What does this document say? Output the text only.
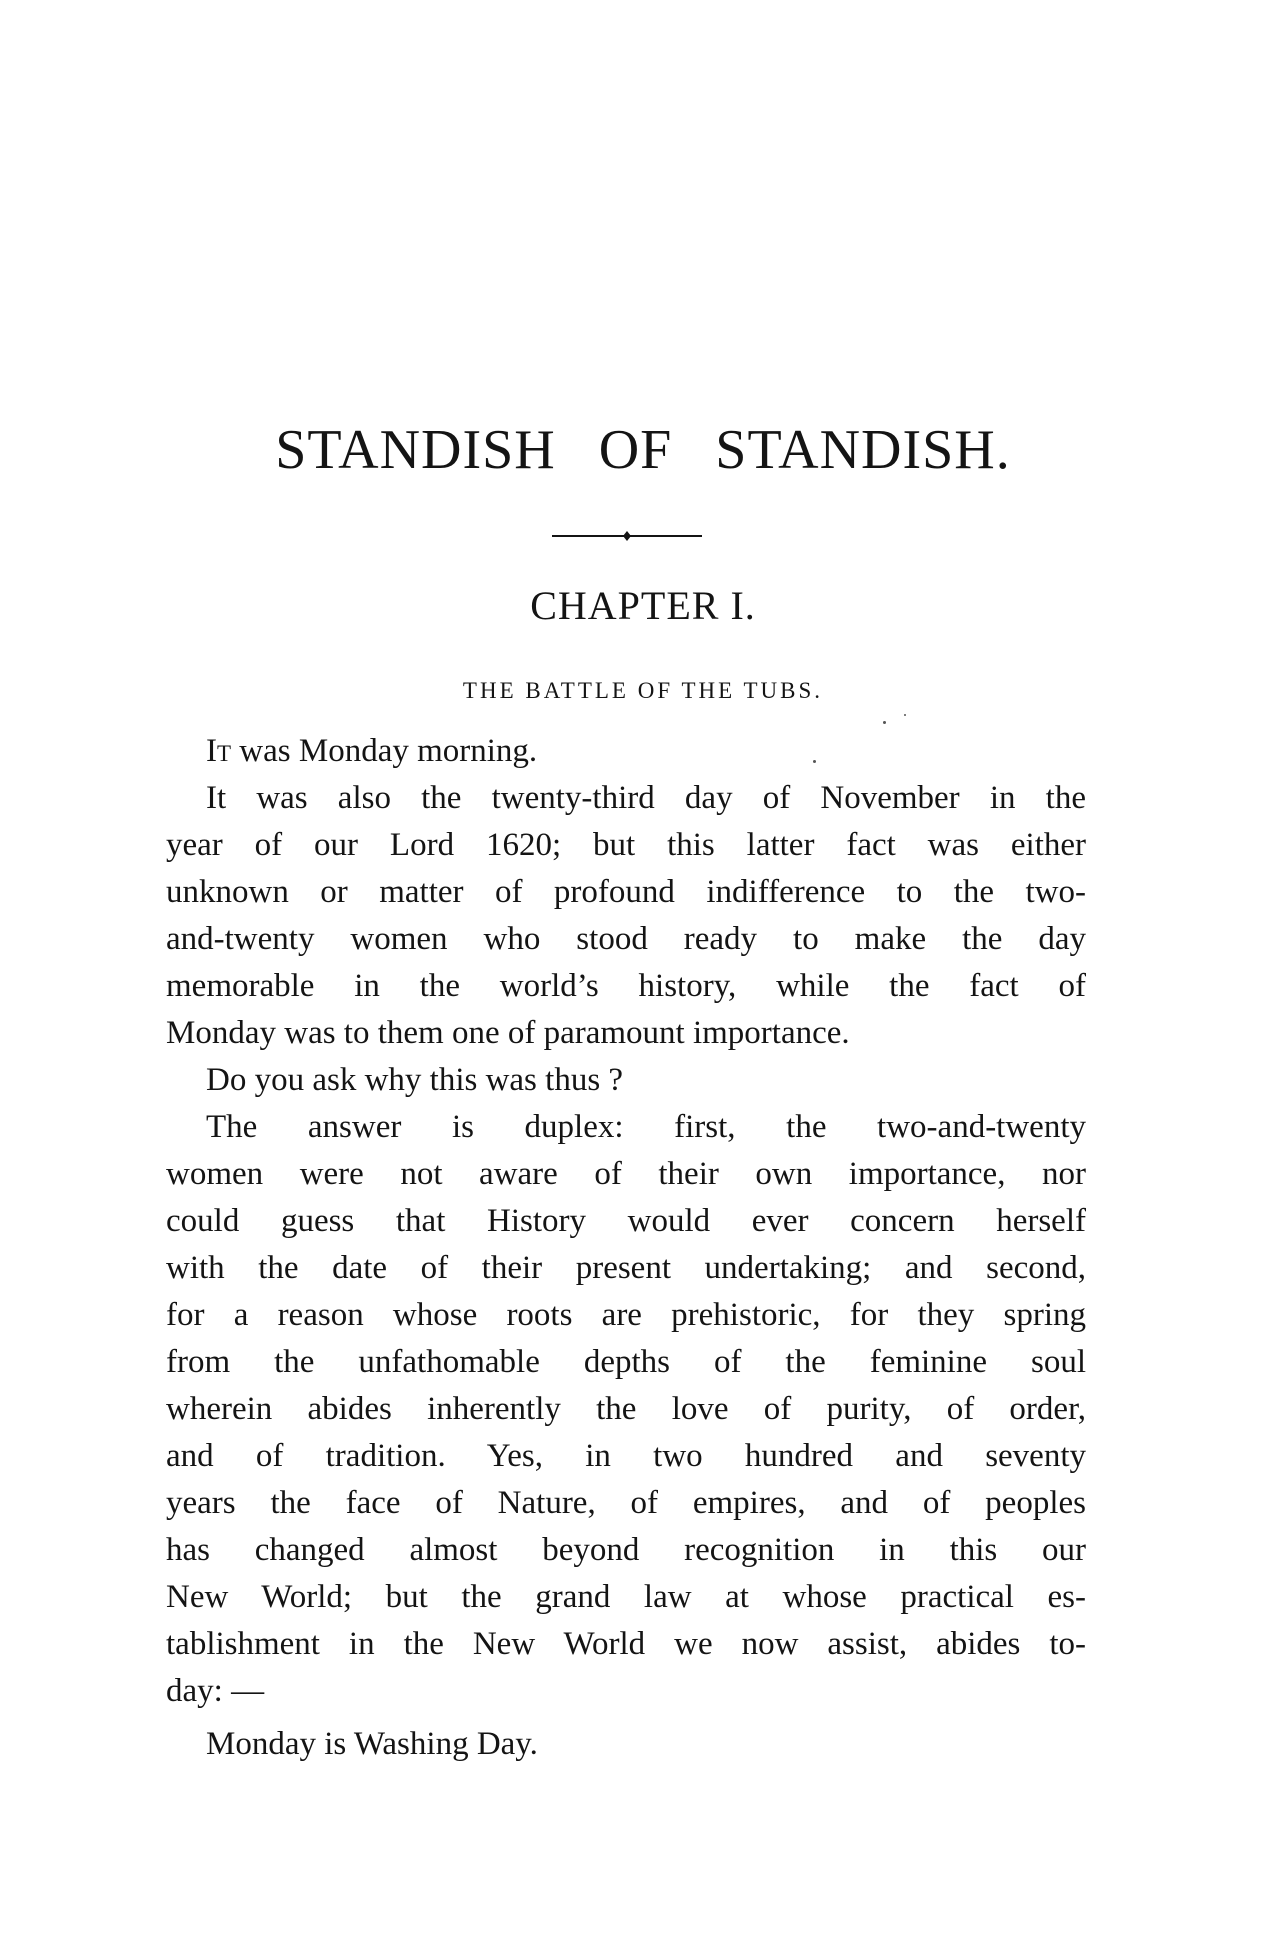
STANDISH OF STANDISH.
CHAPTER I.
THE BATTLE OF THE TUBS.

It was Monday morning.

It was also the twenty-third day of November in the

year of our Lord 1620; but this latter fact was either

unknown or matter of profound indifference to the two-

and-twenty women who stood ready to make the day

memorable in the world’s history, while the fact of

Monday was to them one of paramount importance.

Do you ask why this was thus ?

The answer is duplex: first, the two-and-twenty

women were not aware of their own importance, nor

could guess that History would ever concern herself

with the date of their present undertaking; and second,

for a reason whose roots are prehistoric, for they spring

from the unfathomable depths of the feminine soul

wherein abides inherently the love of purity, of order,

and of tradition. Yes, in two hundred and seventy

years the face of Nature, of empires, and of peoples

has changed almost beyond recognition in this our

New World; but the grand law at whose practical es-

tablishment in the New World we now assist, abides to-

day: —

Monday is Washing Day.
